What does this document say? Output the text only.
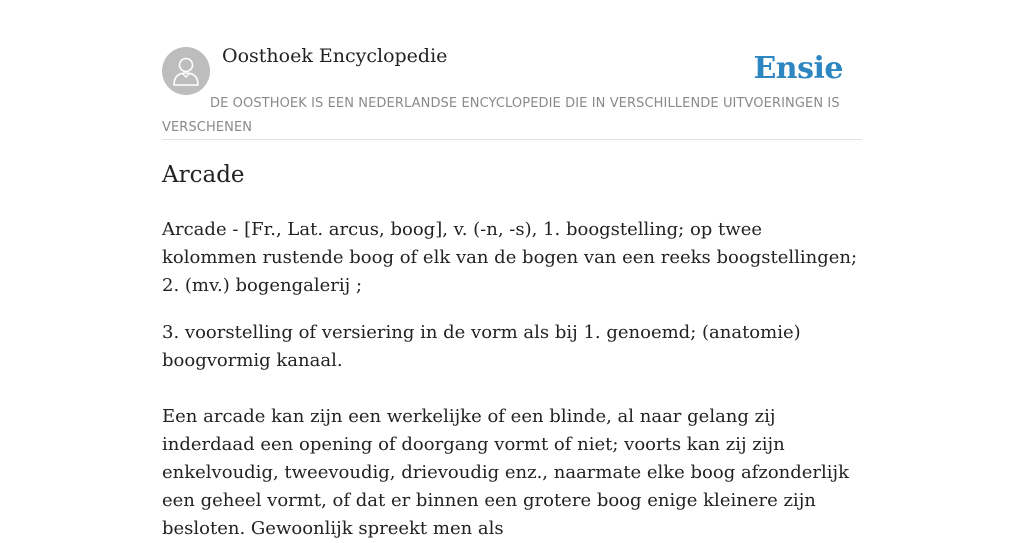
Oosthoek Encyclopedie	Ensie
DE OOSTHOEK IS EEN NEDERLANDSE ENCYCLOPEDIE DIE IN VERSCHILLENDE UITVOERINGEN IS VERSCHENEN
Arcade

Arcade - [Fr., Lat. arcus, boog], v. (-n, -s), 1. boogstelling; op twee kolommen rustende boog of elk van de bogen van een reeks boogstellingen; 2. (mv.) bogengalerij ;

3. voorstelling of versiering in de vorm als bij 1. genoemd; (anatomie) boogvormig kanaal.

Een arcade kan zijn een werkelijke of een blinde, al naar gelang zij inderdaad een opening of doorgang vormt of niet; voorts kan zij zijn enkelvoudig, tweevoudig, drievoudig enz., naarmate elke boog afzonderlijk een geheel vormt, of dat er binnen een grotere boog enige kleinere zijn besloten. Gewoonlijk spreekt men als
